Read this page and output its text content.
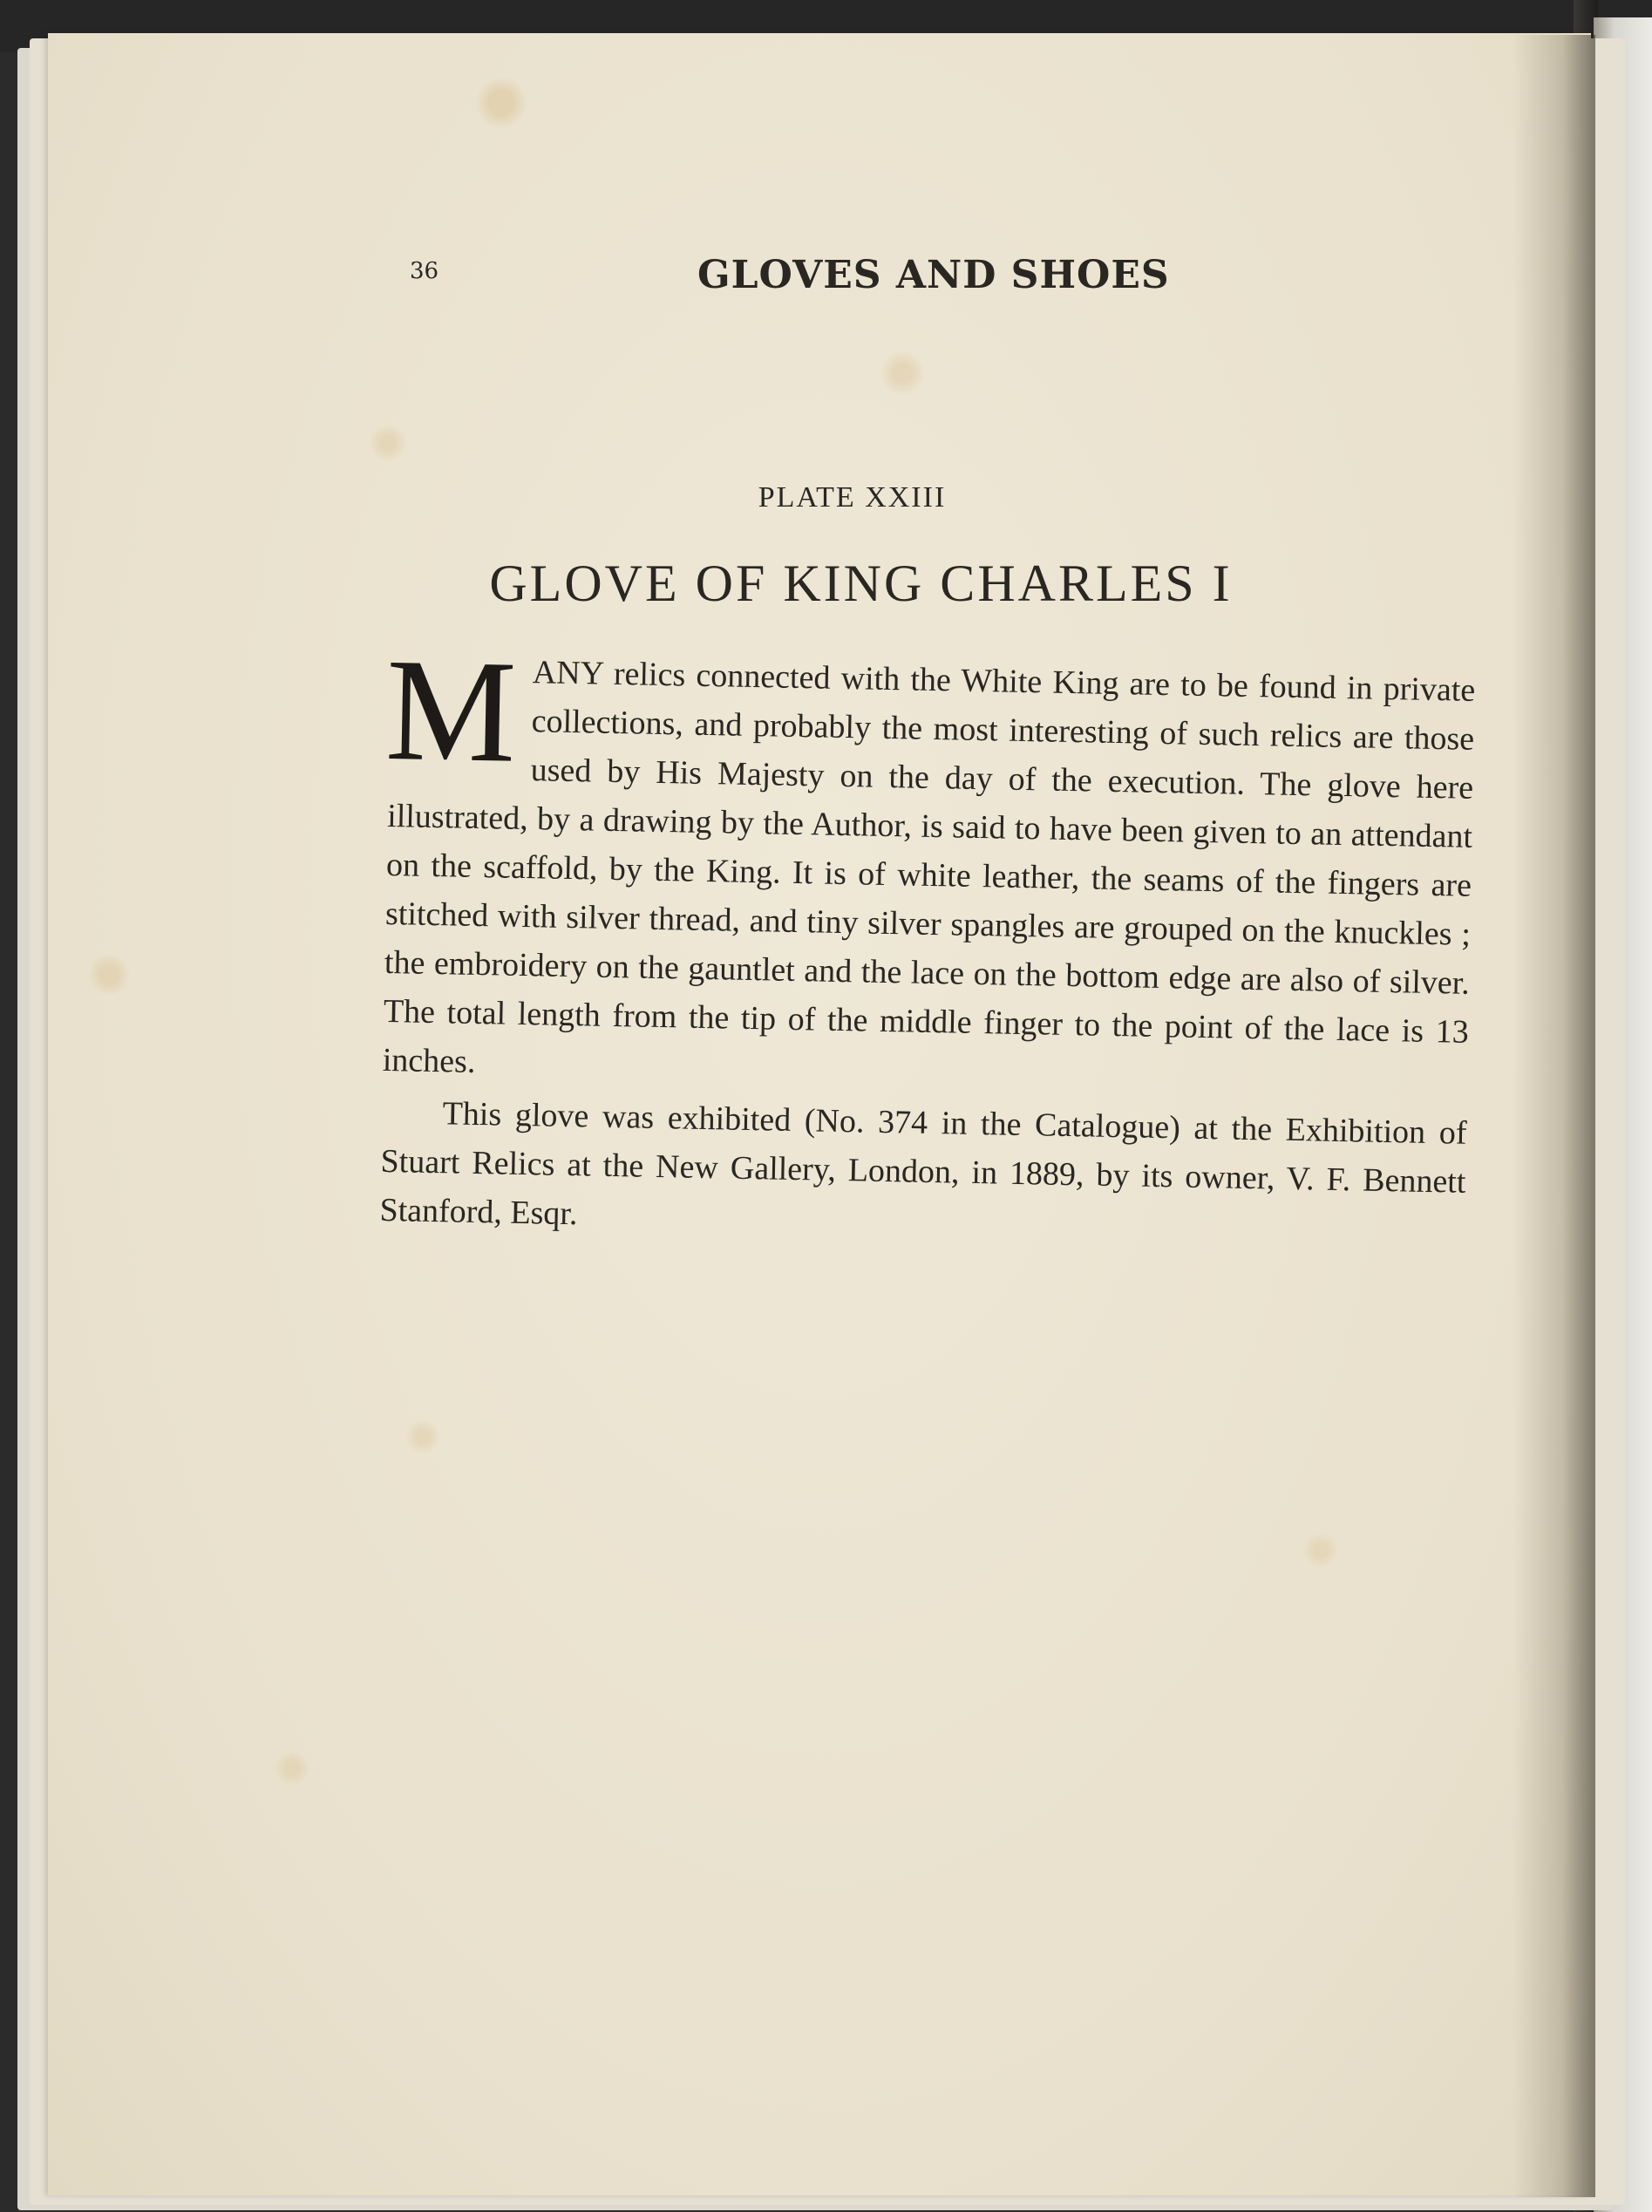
36	GLOVES AND SHOES
PLATE XXIII
GLOVE OF KING CHARLES I

M ANY relics connected with the White King are to be found in private collections, and probably the most interesting of such relics are those used by His Majesty on the day of the execution. The glove here illustrated, by a drawing by the Author, is said to have been given to an attendant on the scaffold, by the King. It is of white leather, the seams of the fingers are stitched with silver thread, and tiny silver spangles are grouped on the knuckles ; the embroidery on the gauntlet and the lace on the bottom edge are also of silver. The total length from the tip of the middle finger to the point of the lace is 13 inches.

This glove was exhibited (No. 374 in the Catalogue) at the Exhibition of Stuart Relics at the New Gallery, London, in 1889, by its owner, V. F. Bennett Stanford, Esqr.
